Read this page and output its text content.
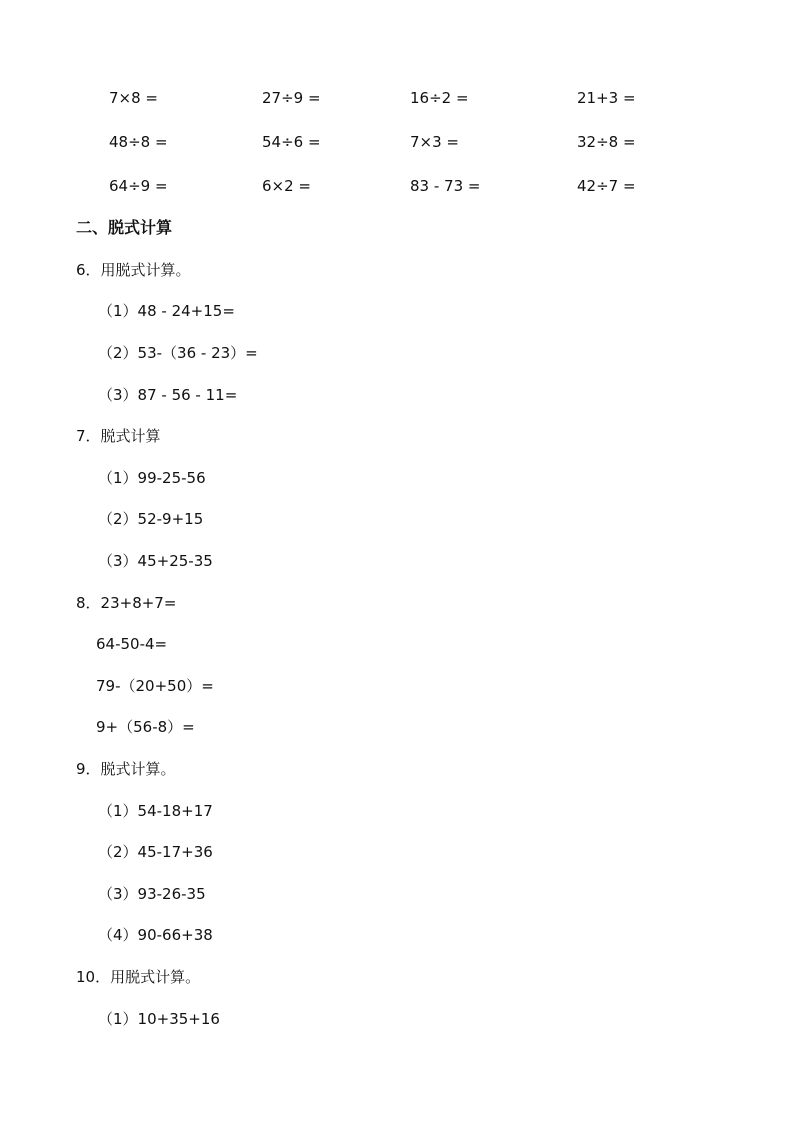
7×8 =	27÷9 =	16÷2 =	21+3 =
48÷8 =	54÷6 =	7×3 =	32÷8 =
64÷9 =	6×2 =	83 - 73 =	42÷7 =
二、脱式计算
6．用脱式计算。
（1）48 - 24+15=
（2）53-（36 - 23）=
（3）87 - 56 - 11=
7．脱式计算
（1）99-25-56
（2）52-9+15
（3）45+25-35
8．23+8+7=
64-50-4=
79-（20+50）=
9+（56-8）=
9．脱式计算。
（1）54-18+17
（2）45-17+36
（3）93-26-35
（4）90-66+38
10．用脱式计算。
（1）10+35+16
